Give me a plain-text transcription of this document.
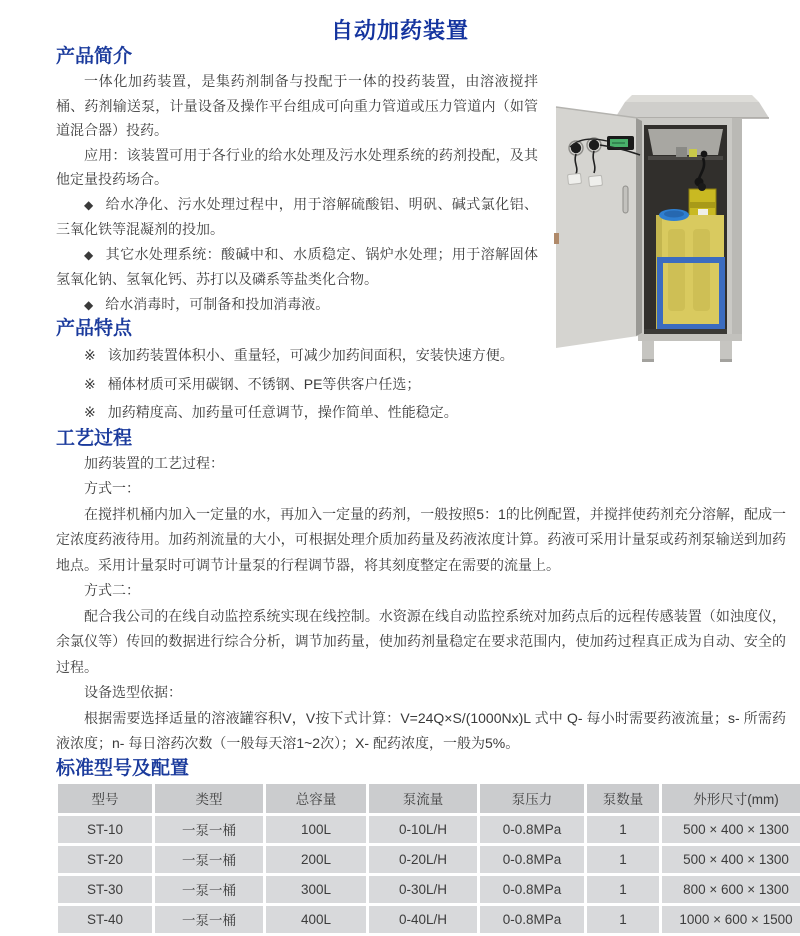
自动加药装置
产品简介

一体化加药装置，是集药剂制备与投配于一体的投药装置，由溶液搅拌桶、药剂输送泵，计量设备及操作平台组成可向重力管道或压力管道内（如管道混合器）投药。

应用：该装置可用于各行业的给水处理及污水处理系统的药剂投配，及其他定量投药场合。

◆ 给水净化、污水处理过程中，用于溶解硫酸铝、明矾、碱式氯化铝、三氧化铁等混凝剂的投加。

◆ 其它水处理系统：酸碱中和、水质稳定、锅炉水处理；用于溶解固体氢氧化钠、氢氧化钙、苏打以及磷系等盐类化合物。

◆ 给水消毒时，可制备和投加消毒液。

产品特点

※ 该加药装置体积小、重量轻，可减少加药间面积，安装快速方便。

※ 桶体材质可采用碳钢、不锈钢、PE等供客户任选；

※ 加药精度高、加药量可任意调节，操作简单、性能稳定。

工艺过程

加药装置的工艺过程：

方式一：

在搅拌机桶内加入一定量的水，再加入一定量的药剂，一般按照5：1的比例配置，并搅拌使药剂充分溶解，配成一定浓度药液待用。加药剂流量的大小，可根据处理介质加药量及药液浓度计算。药液可采用计量泵或药剂泵输送到加药地点。采用计量泵时可调节计量泵的行程调节器，将其刻度整定在需要的流量上。

方式二：

配合我公司的在线自动监控系统实现在线控制。水资源在线自动监控系统对加药点后的远程传感装置（如浊度仪，余氯仪等）传回的数据进行综合分析，调节加药量，使加药剂量稳定在要求范围内，使加药过程真正成为自动、安全的过程。

设备选型依据：

根据需要选择适量的溶液罐容积V，V按下式计算：V=24Q×S/(1000Nx)L 式中 Q- 每小时需要药液流量；s- 所需药液浓度；n- 每日溶药次数（一般每天溶1~2次）；X- 配药浓度，一般为5%。

标准型号及配置
型号	类型	总容量	泵流量	泵压力	泵数量	外形尺寸(mm)
ST-10	一泵一桶	100L	0-10L/H	0-0.8MPa	1	500 × 400 × 1300
ST-20	一泵一桶	200L	0-20L/H	0-0.8MPa	1	500 × 400 × 1300
ST-30	一泵一桶	300L	0-30L/H	0-0.8MPa	1	800 × 600 × 1300
ST-40	一泵一桶	400L	0-40L/H	0-0.8MPa	1	1000 × 600 × 1500
